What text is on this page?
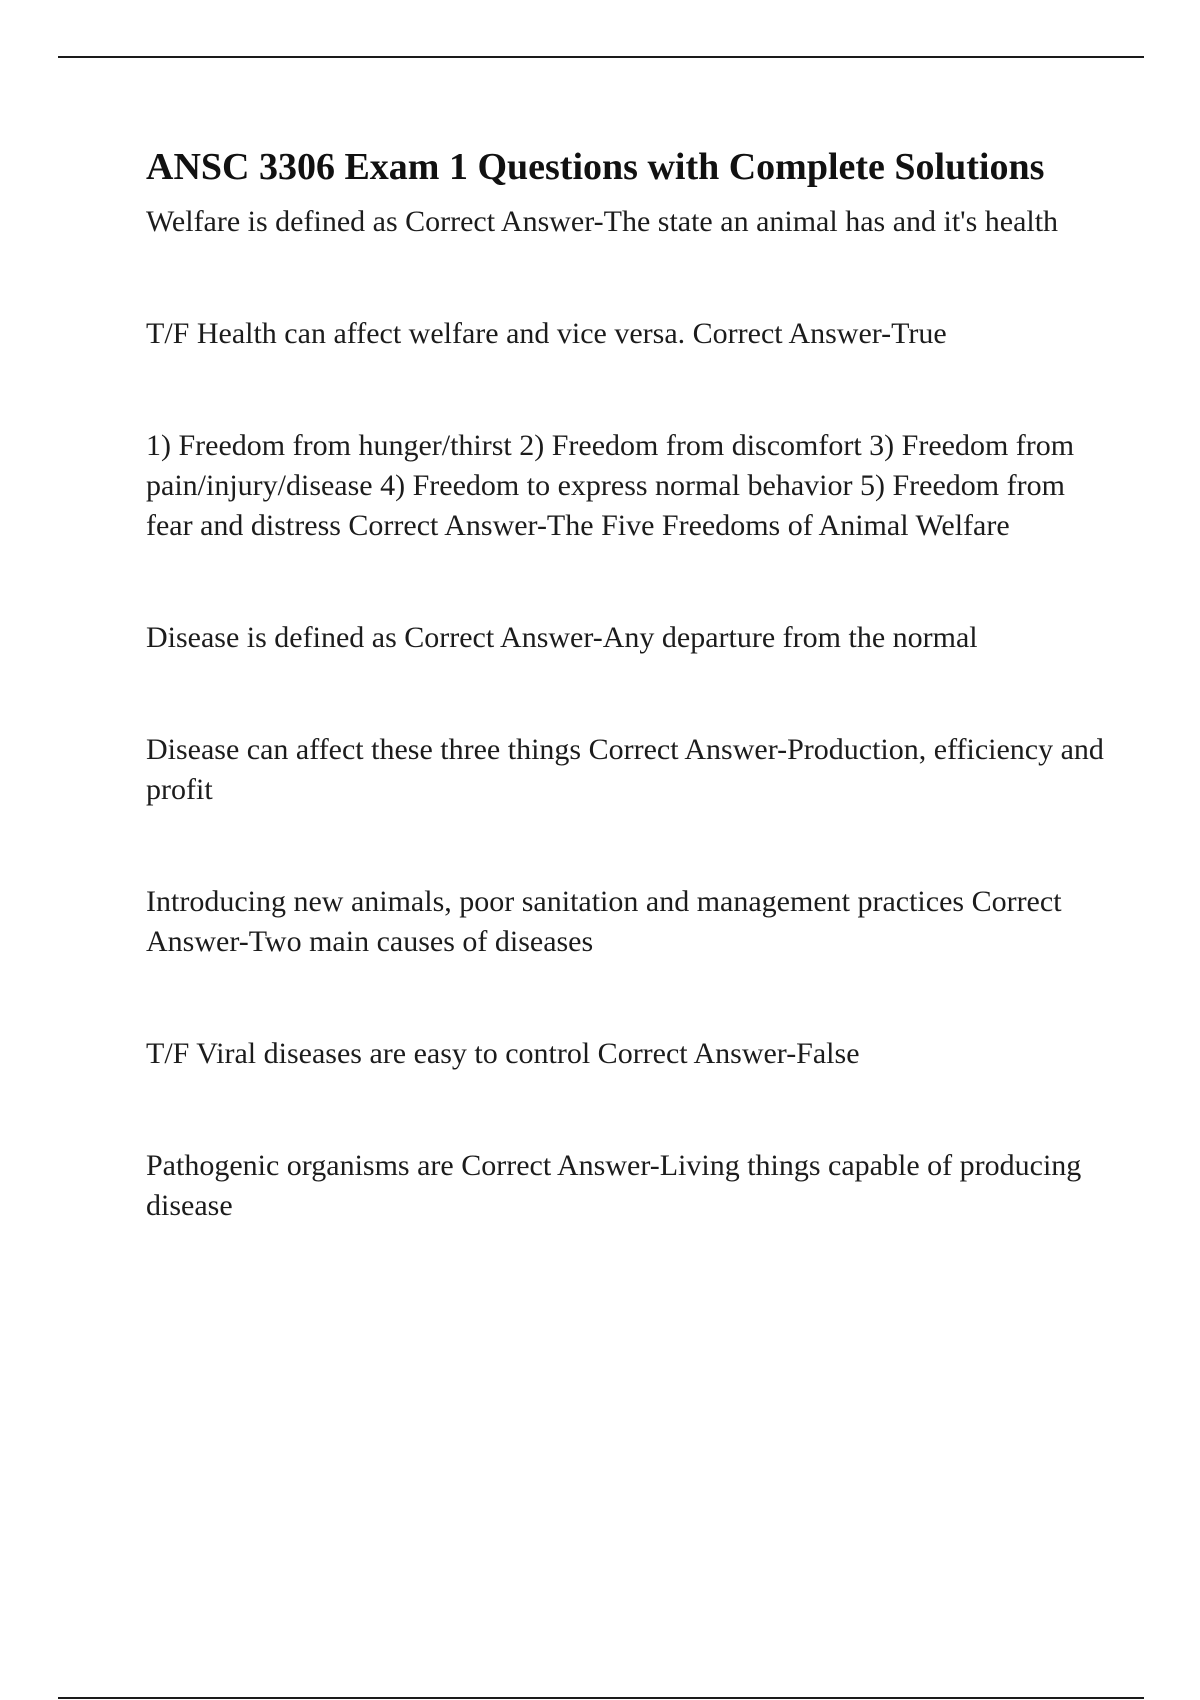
ANSC 3306 Exam 1 Questions with Complete Solutions

Welfare is defined as Correct Answer-The state an animal has and it's health

T/F Health can affect welfare and vice versa. Correct Answer-True

1) Freedom from hunger/thirst 2) Freedom from discomfort 3) Freedom from pain/injury/disease 4) Freedom to express normal behavior 5) Freedom from fear and distress Correct Answer-The Five Freedoms of Animal Welfare

Disease is defined as Correct Answer-Any departure from the normal

Disease can affect these three things Correct Answer-Production, efficiency and profit

Introducing new animals, poor sanitation and management practices Correct Answer-Two main causes of diseases

T/F Viral diseases are easy to control Correct Answer-False

Pathogenic organisms are Correct Answer-Living things capable of producing disease
